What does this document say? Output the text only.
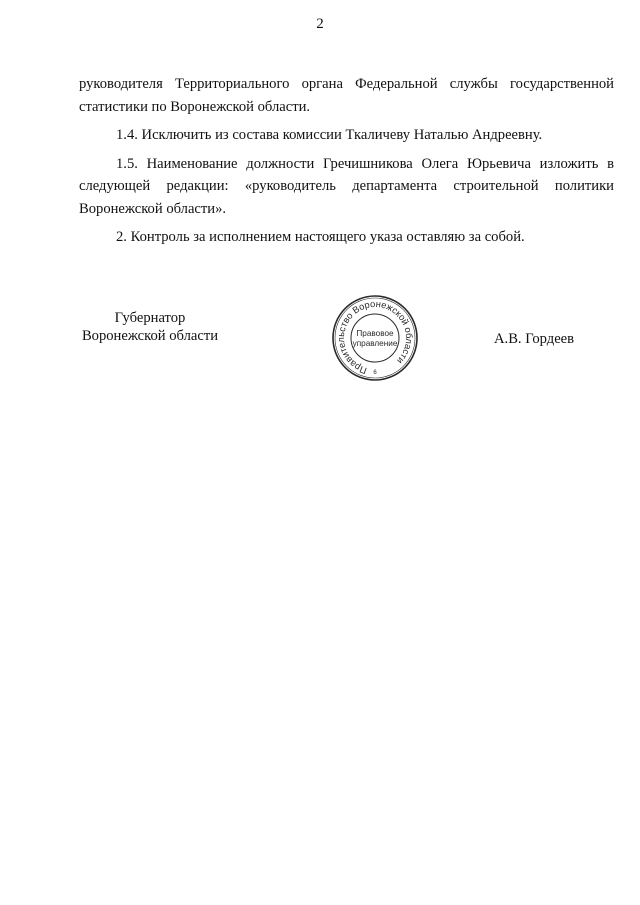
2

руководителя Территориального органа Федеральной службы государственной статистики по Воронежской области.

1.4. Исключить из состава комиссии Ткаличеву Наталью Андреевну.

1.5. Наименование должности Гречишникова Олега Юрьевича изложить в следующей редакции: «руководитель департамента строительной политики Воронежской области».

2. Контроль за исполнением настоящего указа оставляю за собой.

Губернатор
Воронежской области
Правительство Воронежской области
Правовое
управление
6
А.В. Гордеев
